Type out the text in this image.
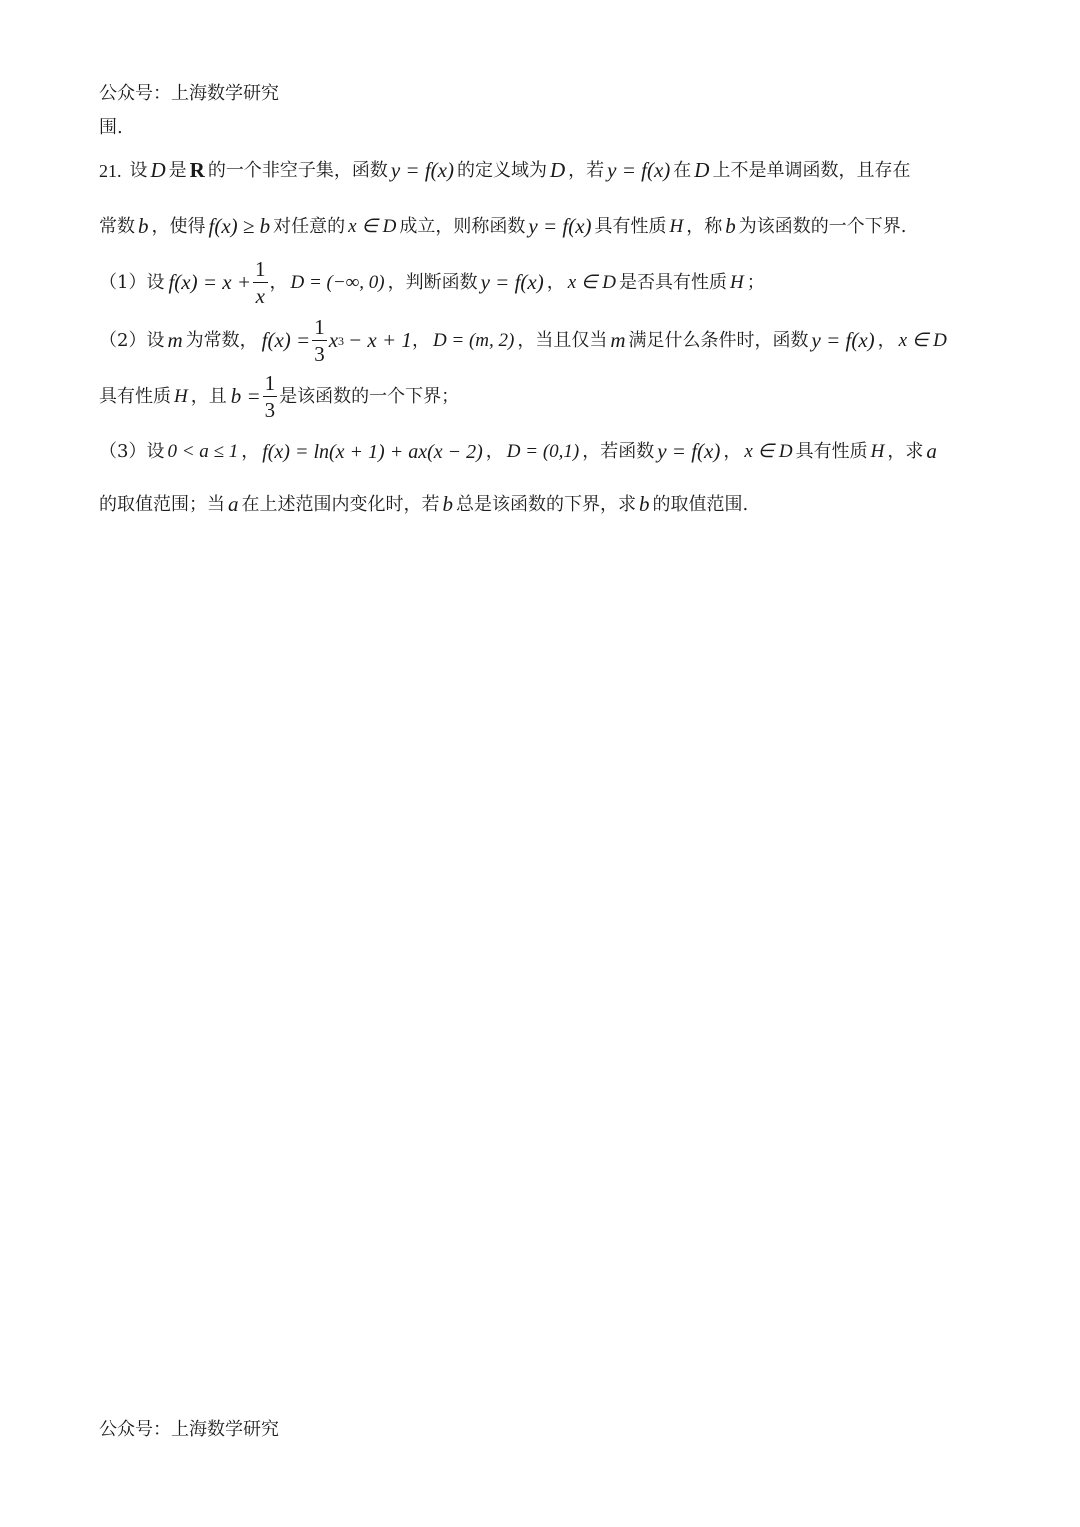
公众号：上海数学研究
围.
21. 设 D 是 R 的一个非空子集，函数 y = f(x) 的定义域为 D ，若 y = f(x) 在 D 上不是单调函数，且存在
常数 b ，使得 f(x) ≥ b 对任意的 x ∈ D 成立，则称函数 y = f(x) 具有性质 H ，称 b 为该函数的一个下界.
（1）设 $f(x) = x + \frac{1}{x}$ ， D = (−∞, 0) ，判断函数 y = f(x) ， x ∈ D 是否具有性质 H ；
（2）设 m 为常数， $f(x) = \frac{1}{3}$ x 3 − x + 1 ， D = (m, 2) ，当且仅当 m 满足什么条件时，函数 y = f(x) ， x ∈ D
具有性质 H ，且 $b = \frac{1}{3}$ 是该函数的一个下界；
（3）设 0 < a ≤ 1 ， f(x) = ln(x + 1) + ax(x − 2) ， D = (0,1) ，若函数 y = f(x) ， x ∈ D 具有性质 H ，求 a
的取值范围；当 a 在上述范围内变化时，若 b 总是该函数的下界，求 b 的取值范围.
公众号：上海数学研究
